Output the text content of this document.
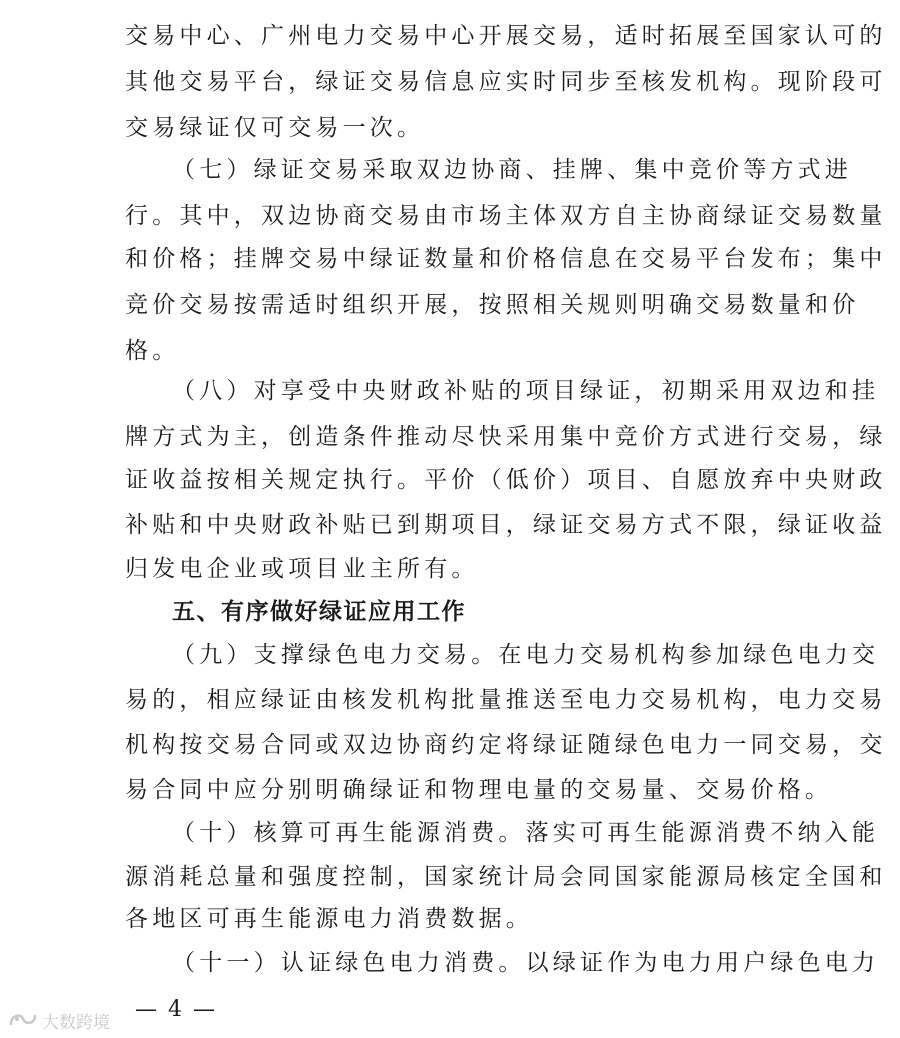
交易中心、广州电力交易中心开展交易，适时拓展至国家认可的
其他交易平台，绿证交易信息应实时同步至核发机构。现阶段可
交易绿证仅可交易一次。
（七）绿证交易采取双边协商、挂牌、集中竞价等方式进
行。其中，双边协商交易由市场主体双方自主协商绿证交易数量
和价格；挂牌交易中绿证数量和价格信息在交易平台发布；集中
竞价交易按需适时组织开展，按照相关规则明确交易数量和价
格。
（八）对享受中央财政补贴的项目绿证，初期采用双边和挂
牌方式为主，创造条件推动尽快采用集中竞价方式进行交易，绿
证收益按相关规定执行。平价（低价）项目、自愿放弃中央财政
补贴和中央财政补贴已到期项目，绿证交易方式不限，绿证收益
归发电企业或项目业主所有。
五、有序做好绿证应用工作
（九）支撑绿色电力交易。在电力交易机构参加绿色电力交
易的，相应绿证由核发机构批量推送至电力交易机构，电力交易
机构按交易合同或双边协商约定将绿证随绿色电力一同交易，交
易合同中应分别明确绿证和物理电量的交易量、交易价格。
（十）核算可再生能源消费。落实可再生能源消费不纳入能
源消耗总量和强度控制，国家统计局会同国家能源局核定全国和
各地区可再生能源电力消费数据。
（十一）认证绿色电力消费。以绿证作为电力用户绿色电力
— 4 —
大数跨境
